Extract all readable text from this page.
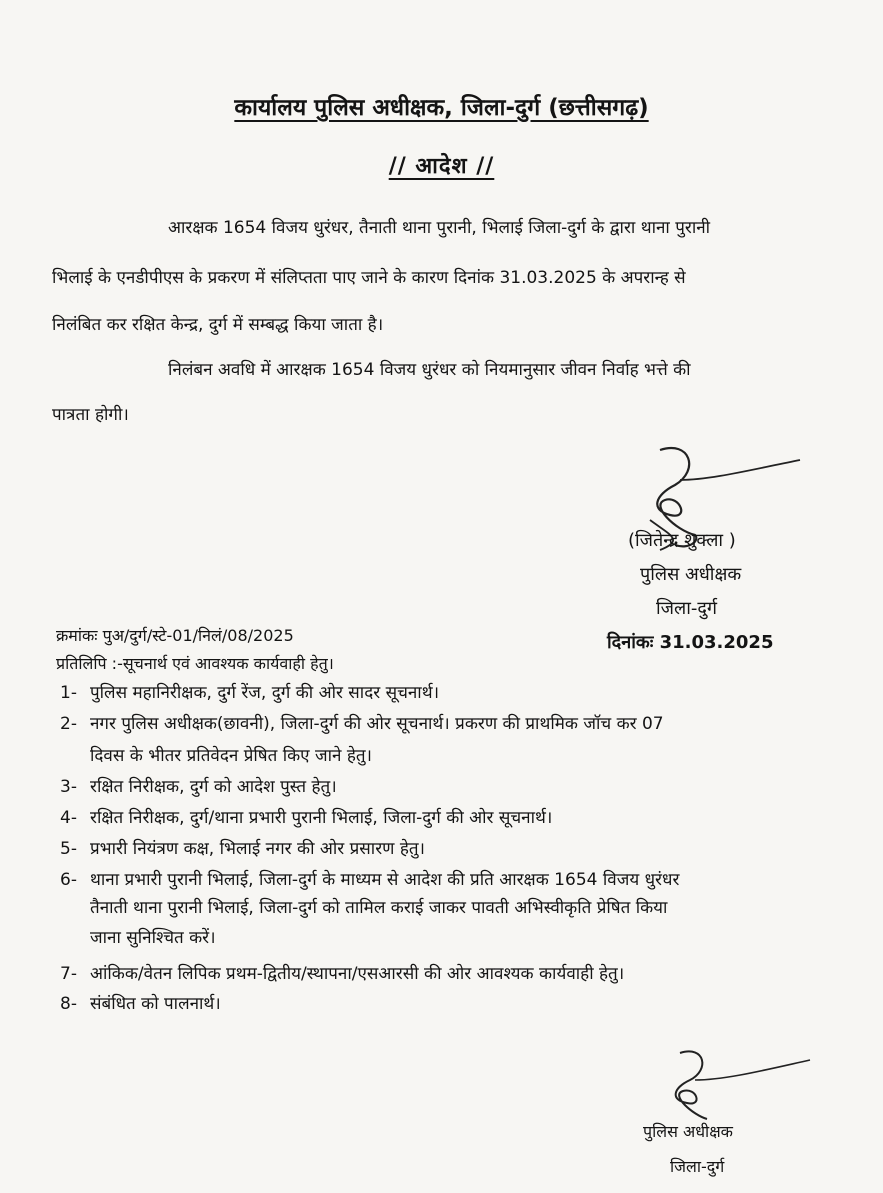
कार्यालय पुलिस अधीक्षक, जिला-दुर्ग (छत्तीसगढ़)
// आदेश //
आरक्षक 1654 विजय धुरंधर, तैनाती थाना पुरानी, भिलाई जिला-दुर्ग के द्वारा थाना पुरानी
भिलाई के एनडीपीएस के प्रकरण में संलिप्तता पाए जाने के कारण दिनांक 31.03.2025 के अपरान्ह से
निलंबित कर रक्षित केन्द्र, दुर्ग में सम्बद्ध किया जाता है।
निलंबन अवधि में आरक्षक 1654 विजय धुरंधर को नियमानुसार जीवन निर्वाह भत्ते की
पात्रता होगी।
(जितेन्द्र शुक्ला )
पुलिस अधीक्षक
जिला-दुर्ग
दिनांकः 31.03.2025
क्रमांकः पुअ/दुर्ग/स्टे-01/निलं/08/2025
प्रतिलिपि :-सूचनार्थ एवं आवश्यक कार्यवाही हेतु।
1- पुलिस महानिरीक्षक, दुर्ग रेंज, दुर्ग की ओर सादर सूचनार्थ।
2- नगर पुलिस अधीक्षक(छावनी), जिला-दुर्ग की ओर सूचनार्थ। प्रकरण की प्राथमिक जॉच कर 07
दिवस के भीतर प्रतिवेदन प्रेषित किए जाने हेतु।
3- रक्षित निरीक्षक, दुर्ग को आदेश पुस्त हेतु।
4- रक्षित निरीक्षक, दुर्ग/थाना प्रभारी पुरानी भिलाई, जिला-दुर्ग की ओर सूचनार्थ।
5- प्रभारी नियंत्रण कक्ष, भिलाई नगर की ओर प्रसारण हेतु।
6- थाना प्रभारी पुरानी भिलाई, जिला-दुर्ग के माध्यम से आदेश की प्रति आरक्षक 1654 विजय धुरंधर
तैनाती थाना पुरानी भिलाई, जिला-दुर्ग को तामिल कराई जाकर पावती अभिस्वीकृति प्रेषित किया
जाना सुनिश्चित करें।
7- आंकिक/वेतन लिपिक प्रथम-द्वितीय/स्थापना/एसआरसी की ओर आवश्यक कार्यवाही हेतु।
8- संबंधित को पालनार्थ।
पुलिस अधीक्षक
जिला-दुर्ग
